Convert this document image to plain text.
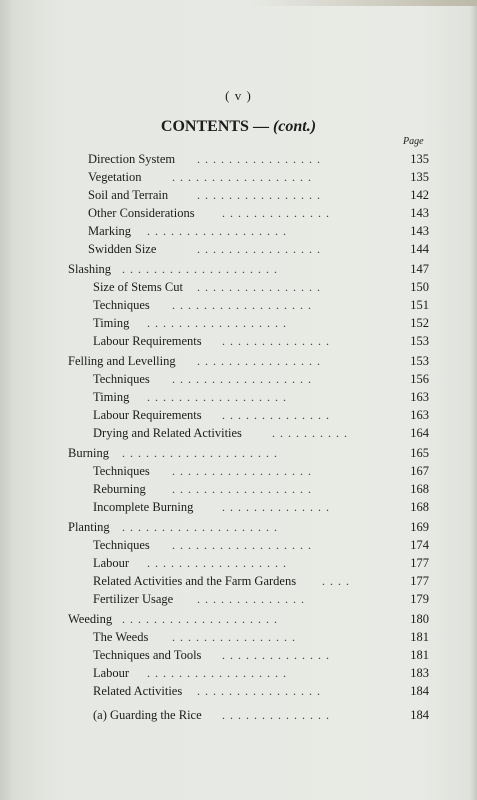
( v )
CONTENTS — (cont.)
Page
Direction System . . . . . . . . . . . . . . . .	135
Vegetation	. . . . . . . . . . . . . . . . . .	135
Soil and Terrain . . . . . . . . . . . . . . . .	142
Other Considerations . . . . . . . . . . . . . .	143
Marking . . . . . . . . . . . . . . . . . .	143
Swidden Size	. . . . . . . . . . . . . . . .	144
Slashing . . . . . . . . . . . . . . . . . . . .	147
Size of Stems Cut . . . . . . . . . . . . . . . .	150
Techniques . . . . . . . . . . . . . . . . . .	151
Timing . . . . . . . . . . . . . . . . . .	152
Labour Requirements . . . . . . . . . . . . . .	153
Felling and Levelling . . . . . . . . . . . . . . . .	153
Techniques . . . . . . . . . . . . . . . . . .	156
Timing . . . . . . . . . . . . . . . . . .	163
Labour Requirements . . . . . . . . . . . . . .	163
Drying and Related Activities	. . . . . . . . . .	164
Burning . . . . . . . . . . . . . . . . . . . .	165
Techniques . . . . . . . . . . . . . . . . . .	167
Reburning . . . . . . . . . . . . . . . . . .	168
Incomplete Burning . . . . . . . . . . . . . .	168
Planting . . . . . . . . . . . . . . . . . . . .	169
Techniques . . . . . . . . . . . . . . . . . .	174
Labour . . . . . . . . . . . . . . . . . .	177
Related Activities and the Farm Gardens . . . .	177
Fertilizer Usage . . . . . . . . . . . . . .	179
Weeding . . . . . . . . . . . . . . . . . . . .	180
The Weeds . . . . . . . . . . . . . . . .	181
Techniques and Tools . . . . . . . . . . . . . .	181
Labour . . . . . . . . . . . . . . . . . .	183
Related Activities . . . . . . . . . . . . . . . .	184
(a) Guarding the Rice . . . . . . . . . . . . . .	184
